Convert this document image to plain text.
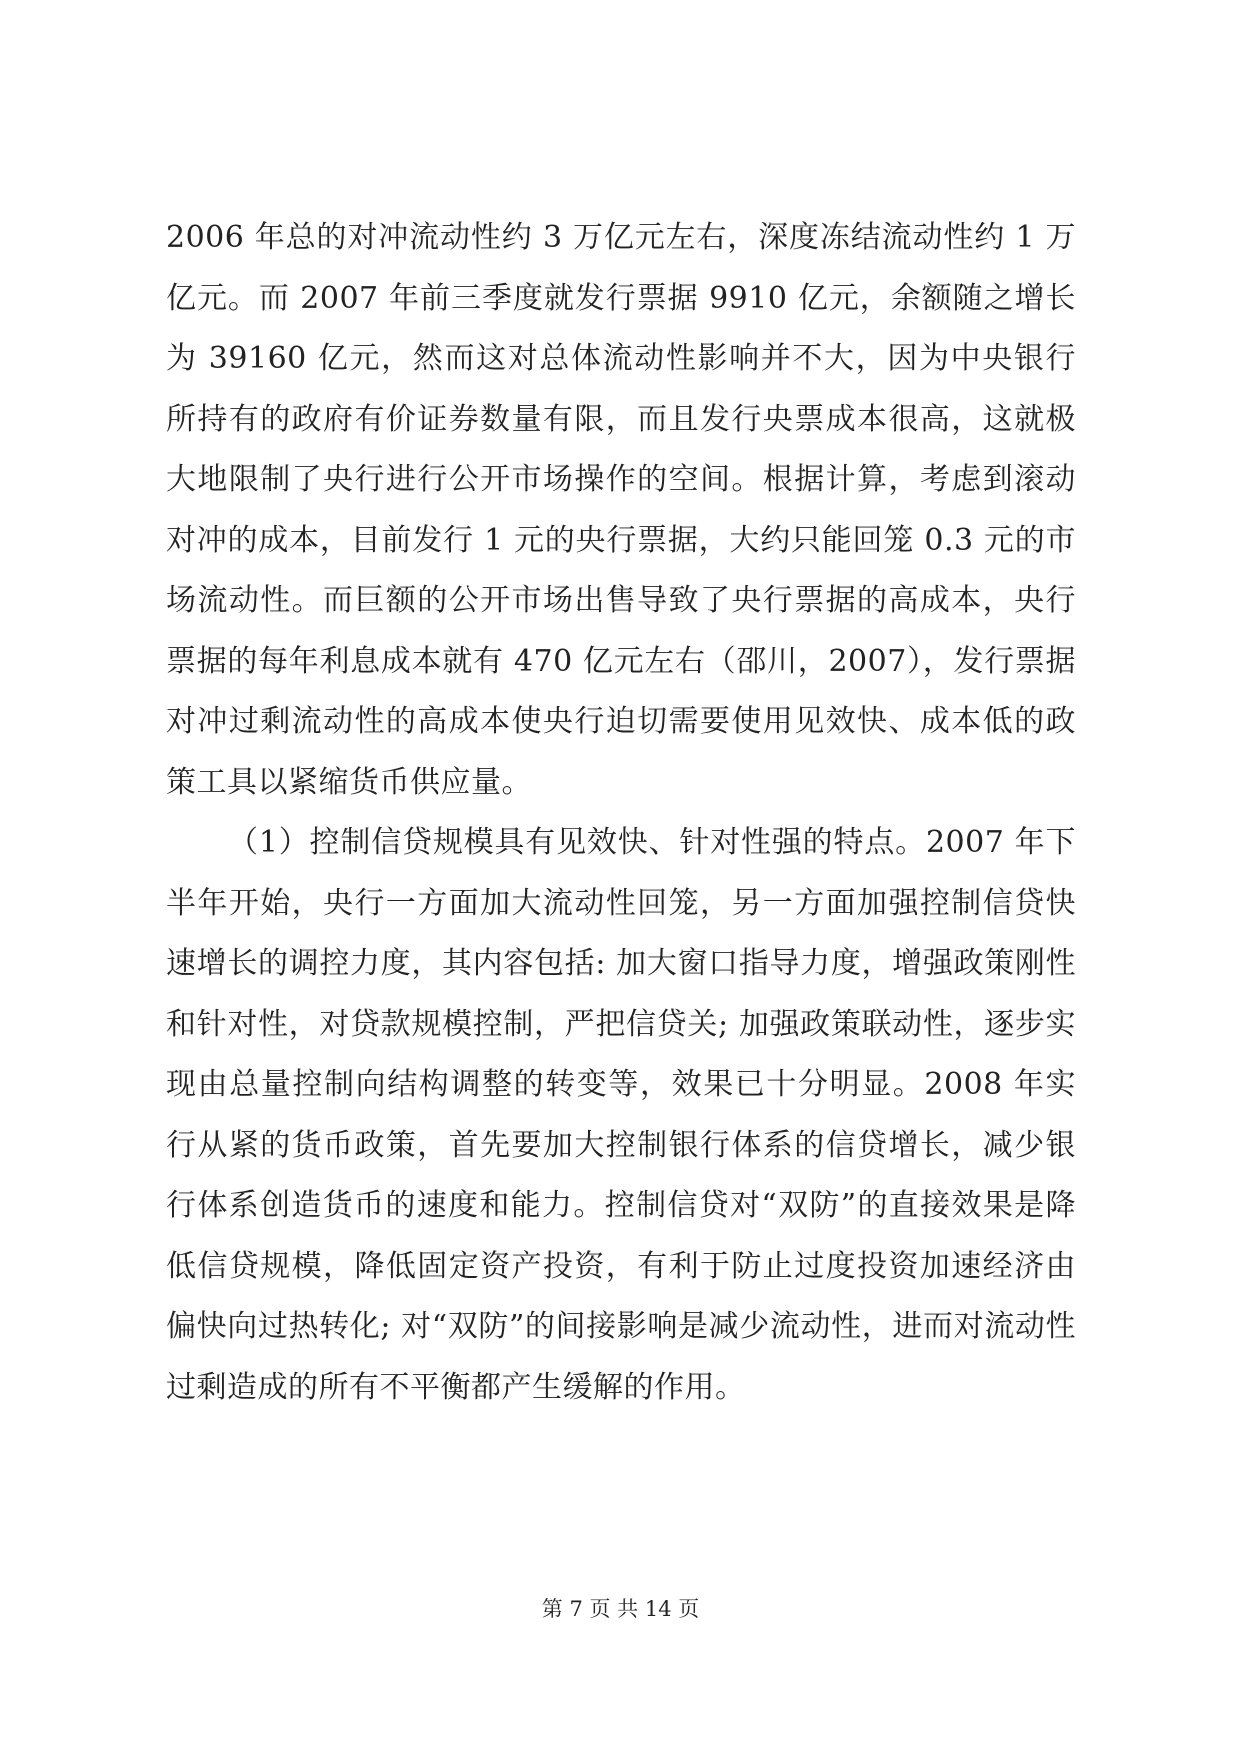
2006 年总的对冲流动性约 3 万亿元左右，深度冻结流动性约 1 万亿元。而 2007 年前三季度就发行票据 9910 亿元，余额随之增长为 39160 亿元，然而这对总体流动性影响并不大，因为中央银行所持有的政府有价证券数量有限，而且发行央票成本很高，这就极大地限制了央行进行公开市场操作的空间。根据计算，考虑到滚动对冲的成本，目前发行 1 元的央行票据，大约只能回笼 0.3 元的市场流动性。而巨额的公开市场出售导致了央行票据的高成本，央行票据的每年利息成本就有 470 亿元左右（邵川，2007），发行票据对冲过剩流动性的高成本使央行迫切需要使用见效快、成本低的政策工具以紧缩货币供应量。

（1）控制信贷规模具有见效快、针对性强的特点。2007 年下半年开始，央行一方面加大流动性回笼，另一方面加强控制信贷快速增长的调控力度，其内容包括: 加大窗口指导力度，增强政策刚性和针对性，对贷款规模控制，严把信贷关; 加强政策联动性，逐步实现由总量控制向结构调整的转变等，效果已十分明显。2008 年实行从紧的货币政策，首先要加大控制银行体系的信贷增长，减少银行体系创造货币的速度和能力。控制信贷对“双防”的直接效果是降低信贷规模，降低固定资产投资，有利于防止过度投资加速经济由偏快向过热转化; 对“双防”的间接影响是减少流动性，进而对流动性过剩造成的所有不平衡都产生缓解的作用。

第 7 页 共 14 页
